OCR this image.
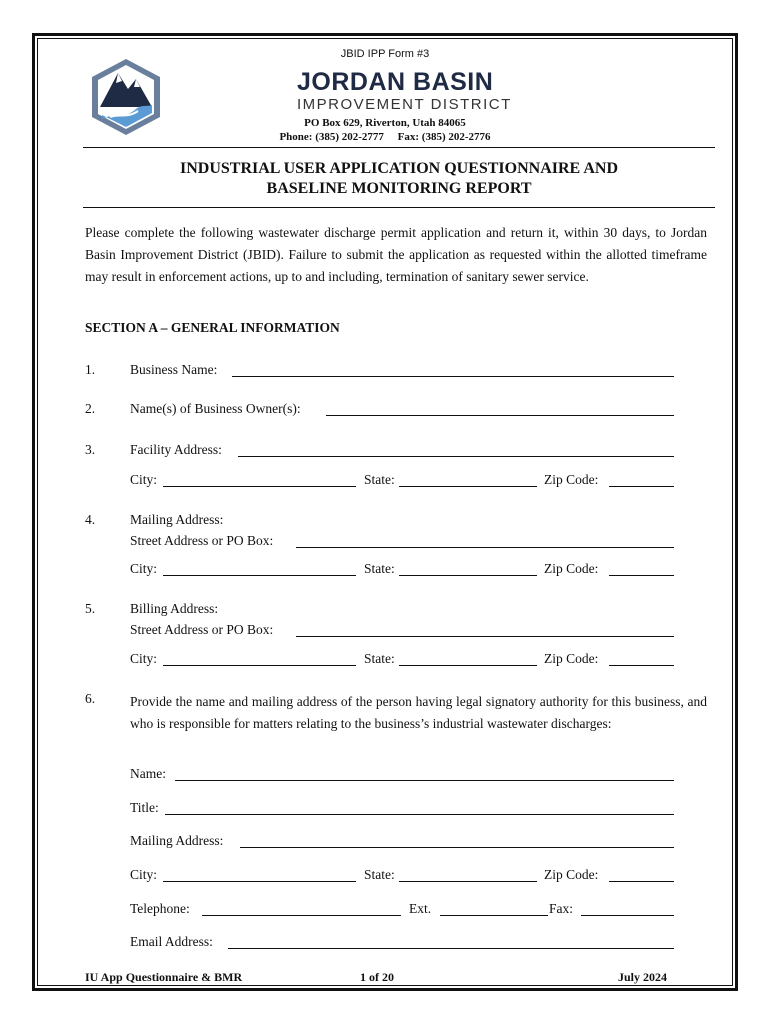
JBID IPP Form #3
JORDAN BASIN
IMPROVEMENT DISTRICT
PO Box 629, Riverton, Utah 84065
Phone: (385) 202-2777     Fax: (385) 202-2776
INDUSTRIAL USER APPLICATION QUESTIONNAIRE AND
BASELINE MONITORING REPORT
Please complete the following wastewater discharge permit application and return it, within 30 days, to Jordan Basin Improvement District (JBID). Failure to submit the application as requested within the allotted timeframe may result in enforcement actions, up to and including, termination of sanitary sewer service.
SECTION A – GENERAL INFORMATION
1.	Business Name:
2.	Name(s) of Business Owner(s):
3.	Facility Address:
City:	State:	Zip Code:
4.	Mailing Address:
Street Address or PO Box:
City:	State:	Zip Code:
5.	Billing Address:
Street Address or PO Box:
City:	State:	Zip Code:
6.	Provide the name and mailing address of the person having legal signatory authority for this business, and who is responsible for matters relating to the business’s industrial wastewater discharges:
Name:
Title:
Mailing Address:
City:	State:	Zip Code:
Telephone:	Ext.	Fax:
Email Address:
IU App Questionnaire & BMR	1 of 20	July 2024
